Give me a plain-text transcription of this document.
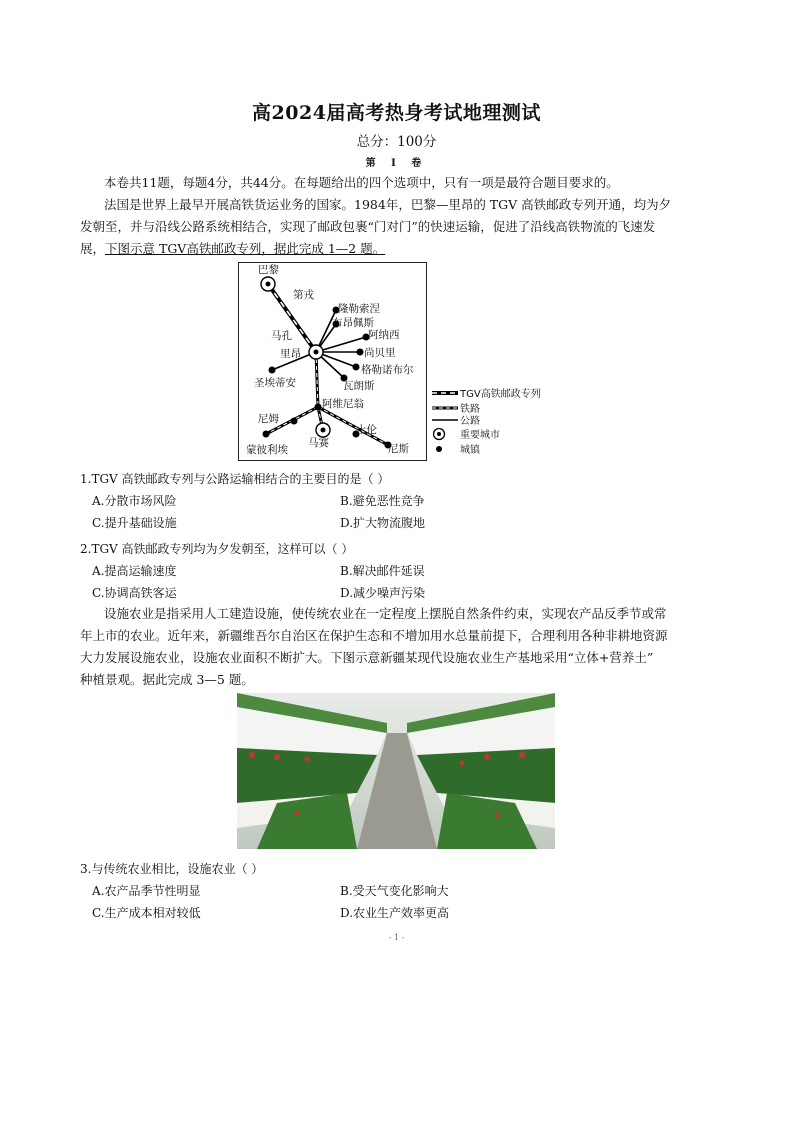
高2024届高考热身考试地理测试
总分：100分
第 Ⅰ 卷
本卷共11题，每题4分，共44分。在每题给出的四个选项中，只有一项是最符合题目要求的。
法国是世界上最早开展高铁货运业务的国家。1984年，巴黎—里昂的 TGV 高铁邮政专列开通，均为夕
发朝至，并与沿线公路系统相结合，实现了邮政包裹“门对门”的快速运输，促进了沿线高铁物流的飞速发
展，下图示意 TGV高铁邮政专列，据此完成 1—2 题。
巴黎
第戎
隆勒索涅
布昂佩斯
马孔	阿纳西
里昂	尚贝里
格勒诺布尔
瓦朗斯
圣埃蒂安
阿维尼翁
尼姆
土伦
蒙彼利埃
马赛	尼斯
TGV高铁邮政专列
铁路
公路
重要城市
城镇
1.TGV 高铁邮政专列与公路运输相结合的主要目的是（ ）
A.分散市场风险	B.避免恶性竞争
C.提升基础设施	D.扩大物流腹地
2.TGV 高铁邮政专列均为夕发朝至，这样可以（ ）
A.提高运输速度	B.解决邮件延误
C.协调高铁客运	D.减少噪声污染
设施农业是指采用人工建造设施，使传统农业在一定程度上摆脱自然条件约束，实现农产品反季节或常
年上市的农业。近年来，新疆维吾尔自治区在保护生态和不增加用水总量前提下，合理利用各种非耕地资源
大力发展设施农业，设施农业面积不断扩大。下图示意新疆某现代设施农业生产基地采用“立体+营养土”
种植景观。据此完成 3—5 题。
3.与传统农业相比，设施农业（ ）
A.农产品季节性明显	B.受天气变化影响大
C.生产成本相对较低	D.农业生产效率更高
- 1 -
